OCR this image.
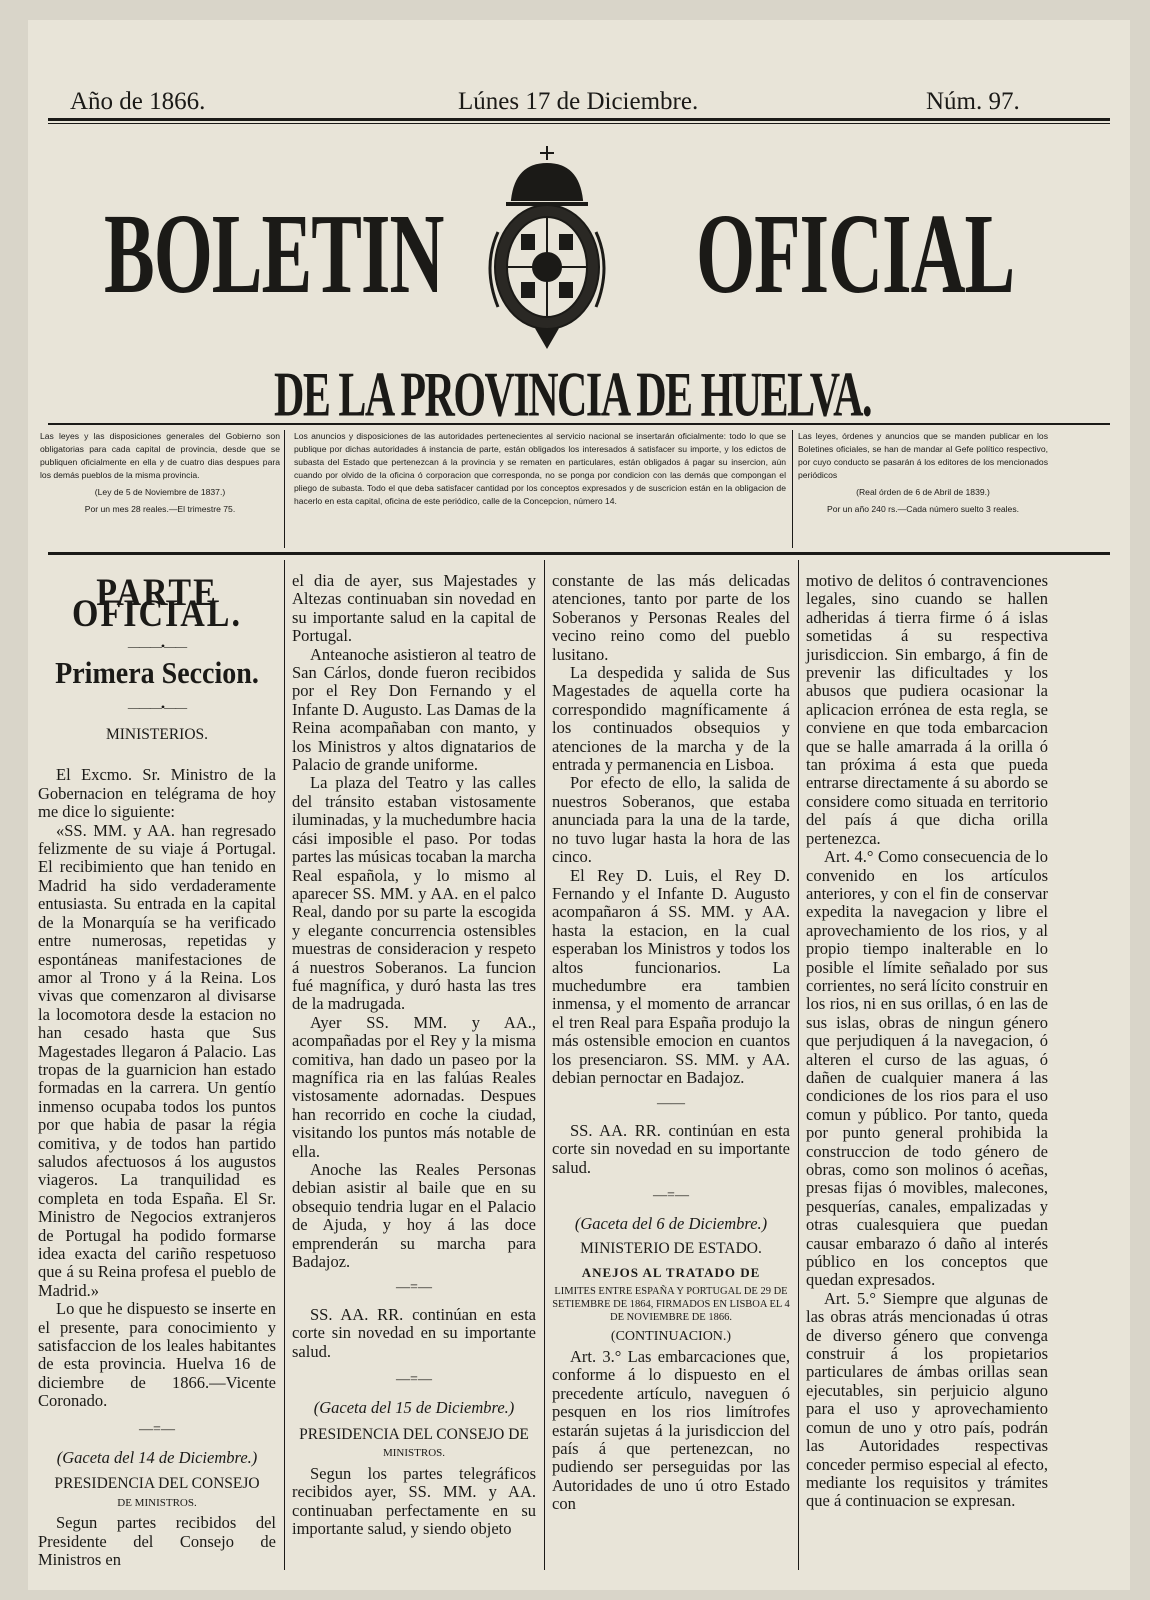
Año de 1866.	Lúnes 17 de Diciembre.	Núm. 97.
BOLETIN	OFICIAL
DE LA PROVINCIA DE HUELVA.

Las leyes y las disposiciones generales del Gobierno son obligatorias para cada capital de provincia, desde que se publiquen oficialmente en ella y de cuatro dias despues para los demás pueblos de la misma provincia.

(Ley de 5 de Noviembre de 1837.)

Por un mes 28 reales.—El trimestre 75.

Los anuncios y disposiciones de las autoridades pertenecientes al servicio nacional se insertarán oficialmente: todo lo que se publique por dichas autoridades á instancia de parte, están obligados los interesados á satisfacer su importe, y los edictos de subasta del Estado que pertenezcan á la provincia y se rematen en particulares, están obligados á pagar su insercion, aún cuando por olvido de la oficina ó corporacion que corresponda, no se ponga por condicion con las demás que compongan el pliego de subasta. Todo el que deba satisfacer cantidad por los conceptos expresados y de suscricion están en la obligacion de hacerlo en esta capital, oficina de este periódico, calle de la Concepcion, número 14.

Las leyes, órdenes y anuncios que se manden publicar en los Boletines oficiales, se han de mandar al Gefe político respectivo, por cuyo conducto se pasarán á los editores de los mencionados periódicos

(Real órden de 6 de Abril de 1839.)

Por un año 240 rs.—Cada número suelto 3 reales.

PARTE OFICIAL.
———•——
Primera Seccion.
———•——
MINISTERIOS.

El Excmo. Sr. Ministro de la Gobernacion en telégrama de hoy me dice lo siguiente:

«SS. MM. y AA. han regresado felizmente de su viaje á Portugal. El recibimiento que han tenido en Madrid ha sido verdaderamente entusiasta. Su entrada en la capital de la Monarquía se ha verificado entre numerosas, repetidas y espontáneas manifestaciones de amor al Trono y á la Reina. Los vivas que comenzaron al divisarse la locomotora desde la estacion no han cesado hasta que Sus Magestades llegaron á Palacio. Las tropas de la guarnicion han estado formadas en la carrera. Un gentío inmenso ocupaba todos los puntos por que habia de pasar la régia comitiva, y de todos han partido saludos afectuosos á los augustos viageros. La tranquilidad es completa en toda España. El Sr. Ministro de Negocios extranjeros de Portugal ha podido formarse idea exacta del cariño respetuoso que á su Reina profesa el pueblo de Madrid.»

Lo que he dispuesto se inserte en el presente, para conocimiento y satisfaccion de los leales habitantes de esta provincia. Huelva 16 de diciembre de 1866.—Vicente Coronado.

—=—
(Gaceta del 14 de Diciembre.)
PRESIDENCIA DEL CONSEJO
DE MINISTROS.

Segun partes recibidos del Presidente del Consejo de Ministros en

el dia de ayer, sus Majestades y Altezas continuaban sin novedad en su importante salud en la capital de Portugal.

Anteanoche asistieron al teatro de San Cárlos, donde fueron recibidos por el Rey Don Fernando y el Infante D. Augusto. Las Damas de la Reina acompañaban con manto, y los Ministros y altos dignatarios de Palacio de grande uniforme.

La plaza del Teatro y las calles del tránsito estaban vistosamente iluminadas, y la muchedumbre hacia cási imposible el paso. Por todas partes las músicas tocaban la marcha Real española, y lo mismo al aparecer SS. MM. y AA. en el palco Real, dando por su parte la escogida y elegante concurrencia ostensibles muestras de consideracion y respeto á nuestros Soberanos. La funcion fué magnífica, y duró hasta las tres de la madrugada.

Ayer SS. MM. y AA., acompañadas por el Rey y la misma comitiva, han dado un paseo por la magnífica ria en las falúas Reales vistosamente adornadas. Despues han recorrido en coche la ciudad, visitando los puntos más notable de ella.

Anoche las Reales Personas debian asistir al baile que en su obsequio tendria lugar en el Palacio de Ajuda, y hoy á las doce emprenderán su marcha para Badajoz.

—=—

SS. AA. RR. continúan en esta corte sin novedad en su importante salud.

—=—
(Gaceta del 15 de Diciembre.)
PRESIDENCIA DEL CONSEJO DE
MINISTROS.

Segun los partes telegráficos recibidos ayer, SS. MM. y AA. continuaban perfectamente en su importante salud, y siendo objeto

constante de las más delicadas atenciones, tanto por parte de los Soberanos y Personas Reales del vecino reino como del pueblo lusitano.

La despedida y salida de Sus Magestades de aquella corte ha correspondido magníficamente á los continuados obsequios y atenciones de la marcha y de la entrada y permanencia en Lisboa.

Por efecto de ello, la salida de nuestros Soberanos, que estaba anunciada para la una de la tarde, no tuvo lugar hasta la hora de las cinco.

El Rey D. Luis, el Rey D. Fernando y el Infante D. Augusto acompañaron á SS. MM. y AA. hasta la estacion, en la cual esperaban los Ministros y todos los altos funcionarios. La muchedumbre era tambien inmensa, y el momento de arrancar el tren Real para España produjo la más ostensible emocion en cuantos los presenciaron. SS. MM. y AA. debian pernoctar en Badajoz.

——

SS. AA. RR. continúan en esta corte sin novedad en su importante salud.

—=—
(Gaceta del 6 de Diciembre.)
MINISTERIO DE ESTADO.
ANEJOS AL TRATADO DE
LIMITES ENTRE ESPAÑA Y PORTUGAL DE 29 DE SETIEMBRE DE 1864, FIRMADOS EN LISBOA EL 4 DE NOVIEMBRE DE 1866.
(CONTINUACION.)

Art. 3.° Las embarcaciones que, conforme á lo dispuesto en el precedente artículo, naveguen ó pesquen en los rios limítrofes estarán sujetas á la jurisdiccion del país á que pertenezcan, no pudiendo ser perseguidas por las Autoridades de uno ú otro Estado con

motivo de delitos ó contravenciones legales, sino cuando se hallen adheridas á tierra firme ó á islas sometidas á su respectiva jurisdiccion. Sin embargo, á fin de prevenir las dificultades y los abusos que pudiera ocasionar la aplicacion errónea de esta regla, se conviene en que toda embarcacion que se halle amarrada á la orilla ó tan próxima á esta que pueda entrarse directamente á su abordo se considere como situada en territorio del país á que dicha orilla pertenezca.

Art. 4.° Como consecuencia de lo convenido en los artículos anteriores, y con el fin de conservar expedita la navegacion y libre el aprovechamiento de los rios, y al propio tiempo inalterable en lo posible el límite señalado por sus corrientes, no será lícito construir en los rios, ni en sus orillas, ó en las de sus islas, obras de ningun género que perjudiquen á la navegacion, ó alteren el curso de las aguas, ó dañen de cualquier manera á las condiciones de los rios para el uso comun y público. Por tanto, queda por punto general prohibida la construccion de todo género de obras, como son molinos ó aceñas, presas fijas ó movibles, malecones, pesquerías, canales, empalizadas y otras cualesquiera que puedan causar embarazo ó daño al interés público en los conceptos que quedan expresados.

Art. 5.° Siempre que algunas de las obras atrás mencionadas ú otras de diverso género que convenga construir á los propietarios particulares de ámbas orillas sean ejecutables, sin perjuicio alguno para el uso y aprovechamiento comun de uno y otro país, podrán las Autoridades respectivas conceder permiso especial al efecto, mediante los requisitos y trámites que á continuacion se expresan.
